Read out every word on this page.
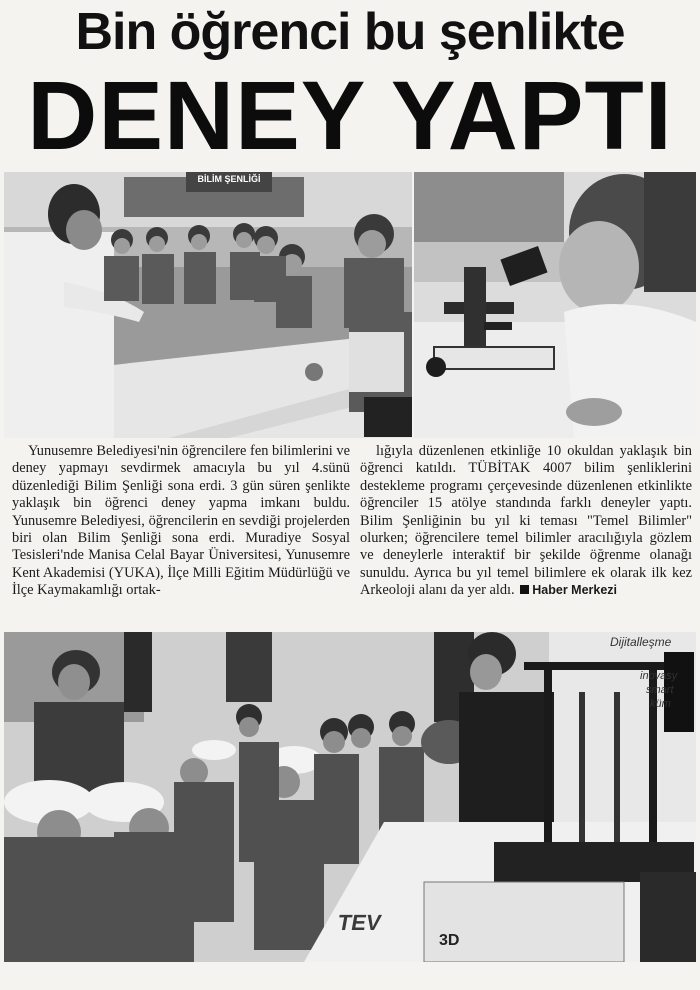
Bin öğrenci bu şenlikte
DENEY YAPTI
BİLİM ŞENLİĞİ
Yunusemre Belediyesi'nin öğrencilere fen bilimlerini ve deney yapmayı sevdirmek amacıyla bu yıl 4.sünü düzenlediği Bilim Şenliği sona erdi. 3 gün süren şenlikte yaklaşık bin öğrenci deney yapma imkanı buldu. Yunusemre Belediyesi, öğrencilerin en sevdiği projelerden biri olan Bilim Şenliği sona erdi. Muradiye Sosyal Tesisleri'nde Manisa Celal Bayar Üniversitesi, Yunusemre Kent Akademisi (YUKA), İlçe Milli Eğitim Müdürlüğü ve İlçe Kaymakamlığı ortak-
lığıyla düzenlenen etkinliğe 10 okuldan yaklaşık bin öğrenci katıldı. TÜBİTAK 4007 bilim şenliklerini destekleme programı çerçevesinde düzenlenen etkinlikte öğrenciler 15 atölye standında farklı deneyler yaptı. Bilim Şenliğinin bu yıl ki teması "Temel Bilimler" olurken; öğrencilere temel bilimler aracılığıyla gözlem ve deneylerle interaktif bir şekilde öğrenme olanağı sunuldu. Ayrıca bu yıl temel bilimlere ek olarak ilk kez Arkeoloji alanı da yer aldı. Haber Merkezi
Dijitalleşme
inovasy
smart
küm
TEV
3D
